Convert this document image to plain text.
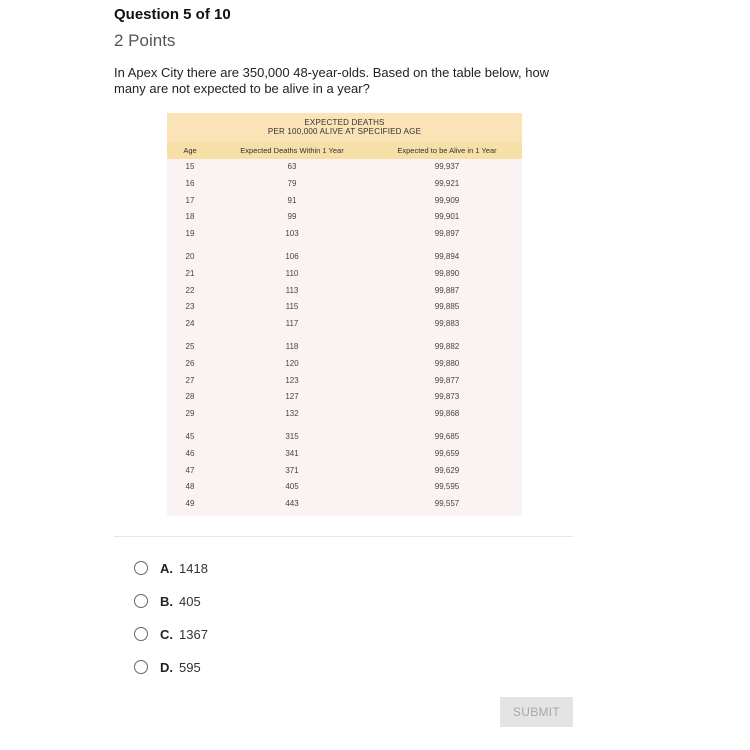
Question 5 of 10
2 Points
In Apex City there are 350,000 48-year-olds. Based on the table below, how many are not expected to be alive in a year?
EXPECTED DEATHS
PER 100,000 ALIVE AT SPECIFIED AGE
Age	Expected Deaths Within 1 Year	Expected to be Alive in 1 Year
15	63	99,937
16	79	99,921
17	91	99,909
18	99	99,901
19	103	99,897
20	106	99,894
21	110	99,890
22	113	99,887
23	115	99,885
24	117	99,883
25	118	99,882
26	120	99,880
27	123	99,877
28	127	99,873
29	132	99,868
45	315	99,685
46	341	99,659
47	371	99,629
48	405	99,595
49	443	99,557
A. 1418
B. 405
C. 1367
D. 595
SUBMIT
